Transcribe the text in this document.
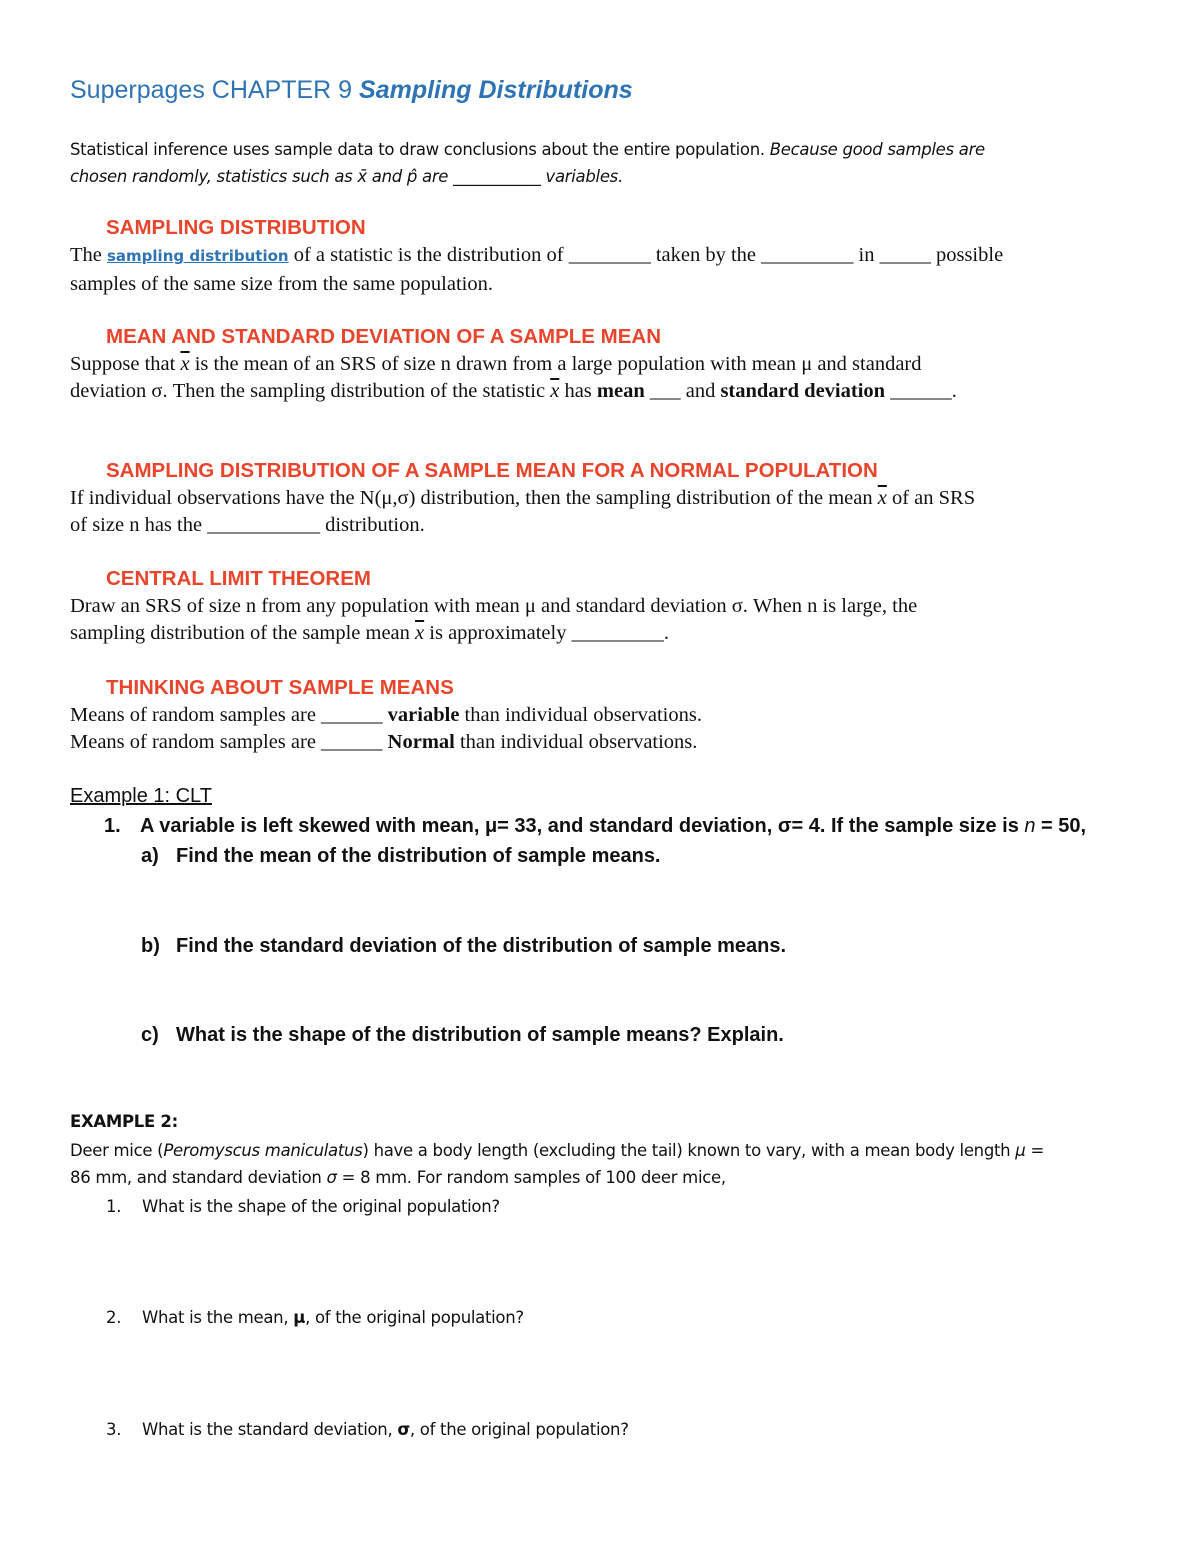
Superpages CHAPTER 9 Sampling Distributions
Statistical inference uses sample data to draw conclusions about the entire population. Because good samples are
chosen randomly, statistics such as x̄ and p̂ are ___________ variables.
SAMPLING DISTRIBUTION
The sampling distribution of a statistic is the distribution of ________ taken by the _________ in _____ possible
samples of the same size from the same population.
MEAN AND STANDARD DEVIATION OF A SAMPLE MEAN
Suppose that $\overline{x}$ is the mean of an SRS of size n drawn from a large population with mean μ and standard
deviation σ. Then the sampling distribution of the statistic $\overline{x}$ has mean ___ and standard deviation ______.
SAMPLING DISTRIBUTION OF A SAMPLE MEAN FOR A NORMAL POPULATION
If individual observations have the N(μ,σ) distribution, then the sampling distribution of the mean $\overline{x}$ of an SRS
of size n has the ___________ distribution.
CENTRAL LIMIT THEOREM
Draw an SRS of size n from any population with mean μ and standard deviation σ. When n is large, the
sampling distribution of the sample mean $\overline{x}$ is approximately _________.
THINKING ABOUT SAMPLE MEANS
Means of random samples are ______ variable than individual observations.
Means of random samples are ______ Normal than individual observations.
Example 1: CLT
1. A variable is left skewed with mean, μ= 33, and standard deviation, σ= 4. If the sample size is n = 50,
a) Find the mean of the distribution of sample means.
b) Find the standard deviation of the distribution of sample means.
c) What is the shape of the distribution of sample means? Explain.
EXAMPLE 2:
Deer mice (Peromyscus maniculatus) have a body length (excluding the tail) known to vary, with a mean body length μ =
86 mm, and standard deviation σ = 8 mm. For random samples of 100 deer mice,
1. What is the shape of the original population?
2. What is the mean, μ, of the original population?
3. What is the standard deviation, σ, of the original population?
